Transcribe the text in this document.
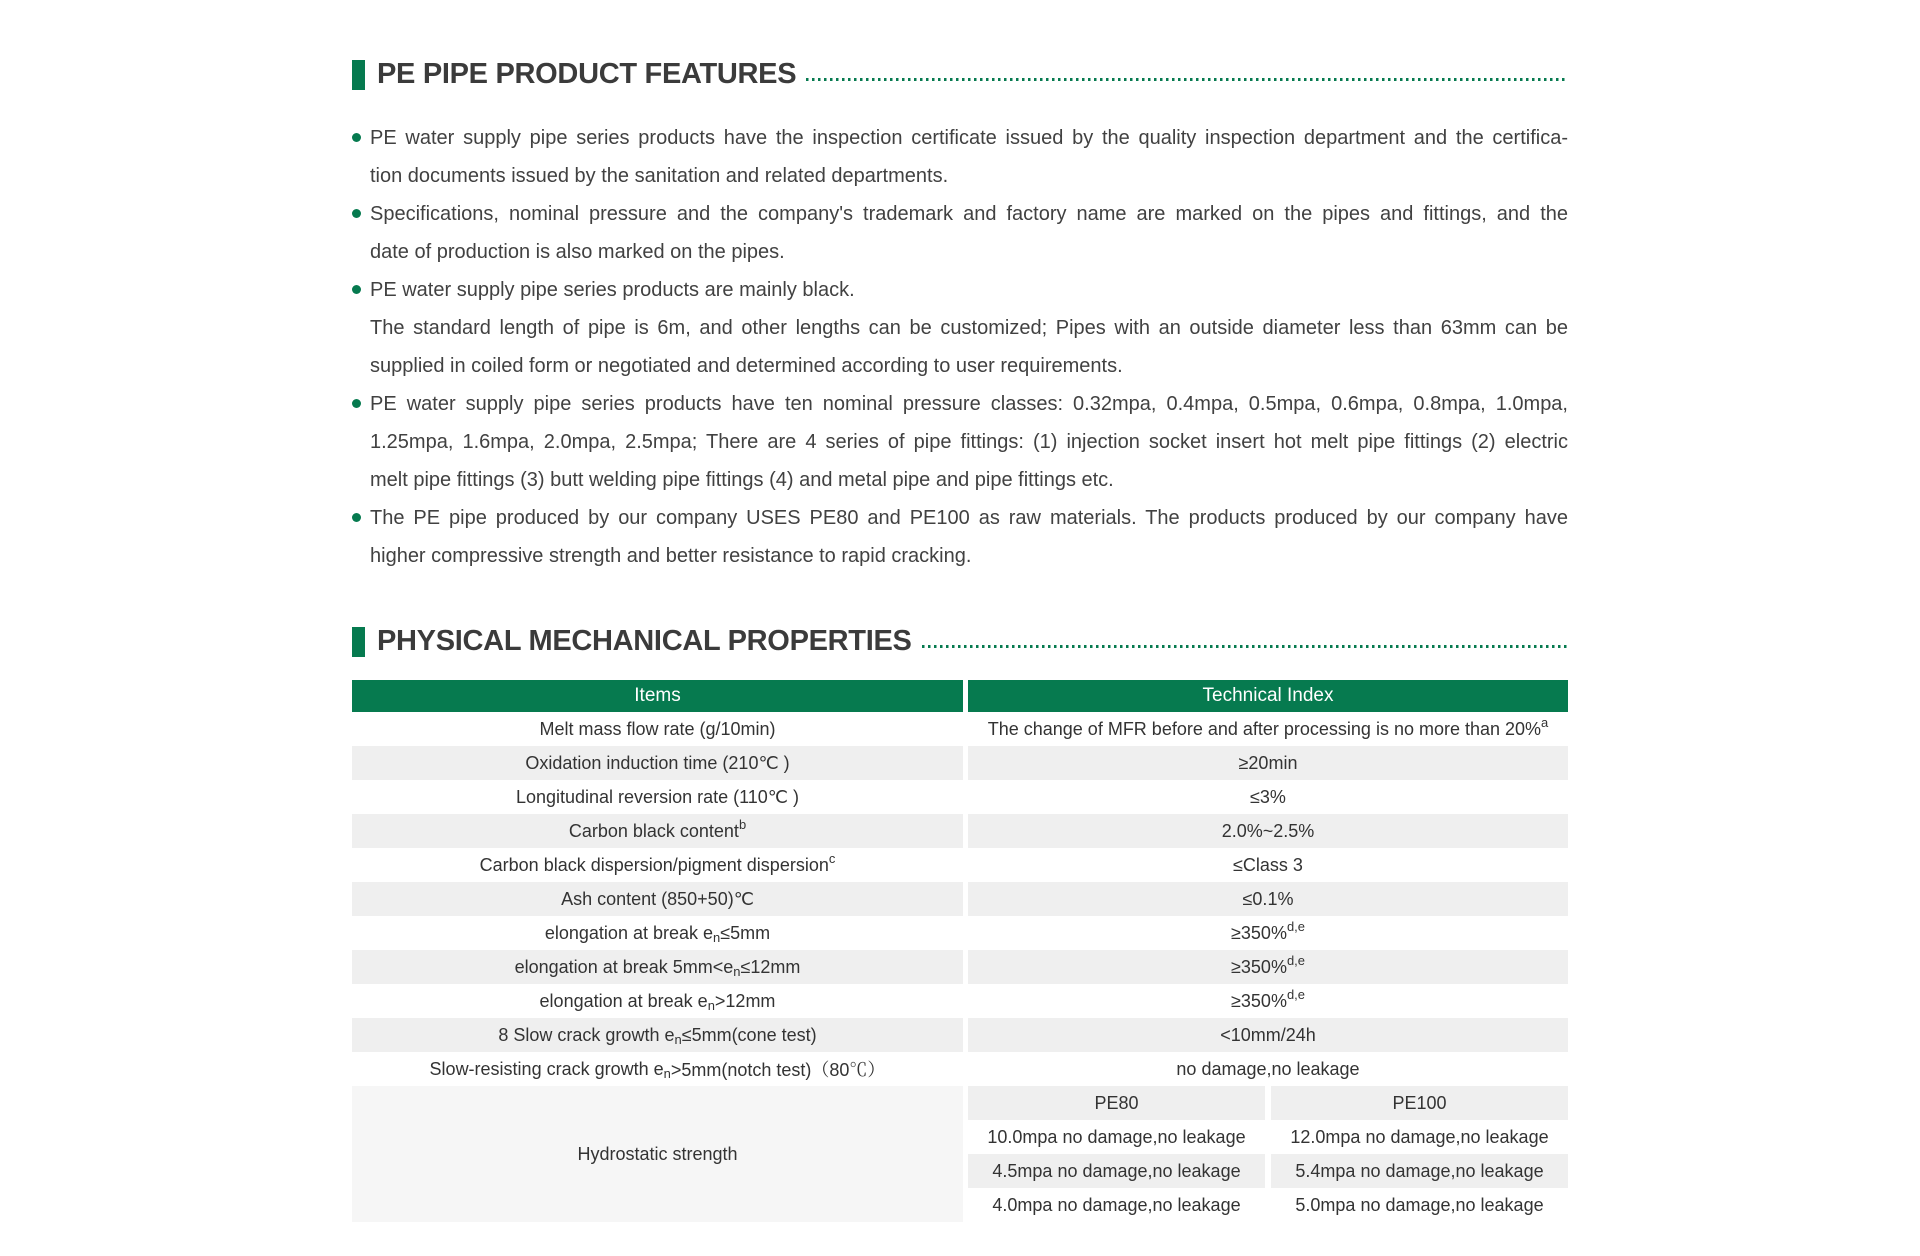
PE PIPE PRODUCT FEATURES
PE water supply pipe series products have the inspection certificate issued by the quality inspection department and the certifica-
tion documents issued by the sanitation and related departments.
Specifications, nominal pressure and the company's trademark and factory name are marked on the pipes and fittings, and the
date of production is also marked on the pipes.
PE water supply pipe series products are mainly black.
The standard length of pipe is 6m, and other lengths can be customized; Pipes with an outside diameter less than 63mm can be
supplied in coiled form or negotiated and determined according to user requirements.
PE water supply pipe series products have ten nominal pressure classes: 0.32mpa, 0.4mpa, 0.5mpa, 0.6mpa, 0.8mpa, 1.0mpa,
1.25mpa, 1.6mpa, 2.0mpa, 2.5mpa; There are 4 series of pipe fittings: (1) injection socket insert hot melt pipe fittings (2) electric
melt pipe fittings (3) butt welding pipe fittings (4) and metal pipe and pipe fittings etc.
The PE pipe produced by our company USES PE80 and PE100 as raw materials. The products produced by our company have
higher compressive strength and better resistance to rapid cracking.
PHYSICAL MECHANICAL PROPERTIES
Items	Technical Index
Melt mass flow rate (g/10min)	The change of MFR before and after processing is no more than 20%$^a$
Oxidation induction time (210℃ )	≥20min
Longitudinal reversion rate (110℃ )	≤3%
Carbon black content$^b$	2.0%~2.5%
Carbon black dispersion/pigment dispersion$^c$	≤Class 3
Ash content (850+50)℃	≤0.1%
elongation at break $e_n \le 5mm$	≥350%$^{d,e}$
elongation at break $5mm<e_n \le 12mm$	≥350%$^{d,e}$
elongation at break $e_n >12mm$	≥350%$^{d,e}$
8 Slow crack growth $e_n$ ≤5mm(cone test)	<10mm/24h
Slow-resisting crack growth $e_n$ >5mm(notch test)（80℃）	no damage,no leakage
Hydrostatic strength
PE80	PE100
10.0mpa no damage,no leakage	12.0mpa no damage,no leakage
4.5mpa no damage,no leakage	5.4mpa no damage,no leakage
4.0mpa no damage,no leakage	5.0mpa no damage,no leakage
